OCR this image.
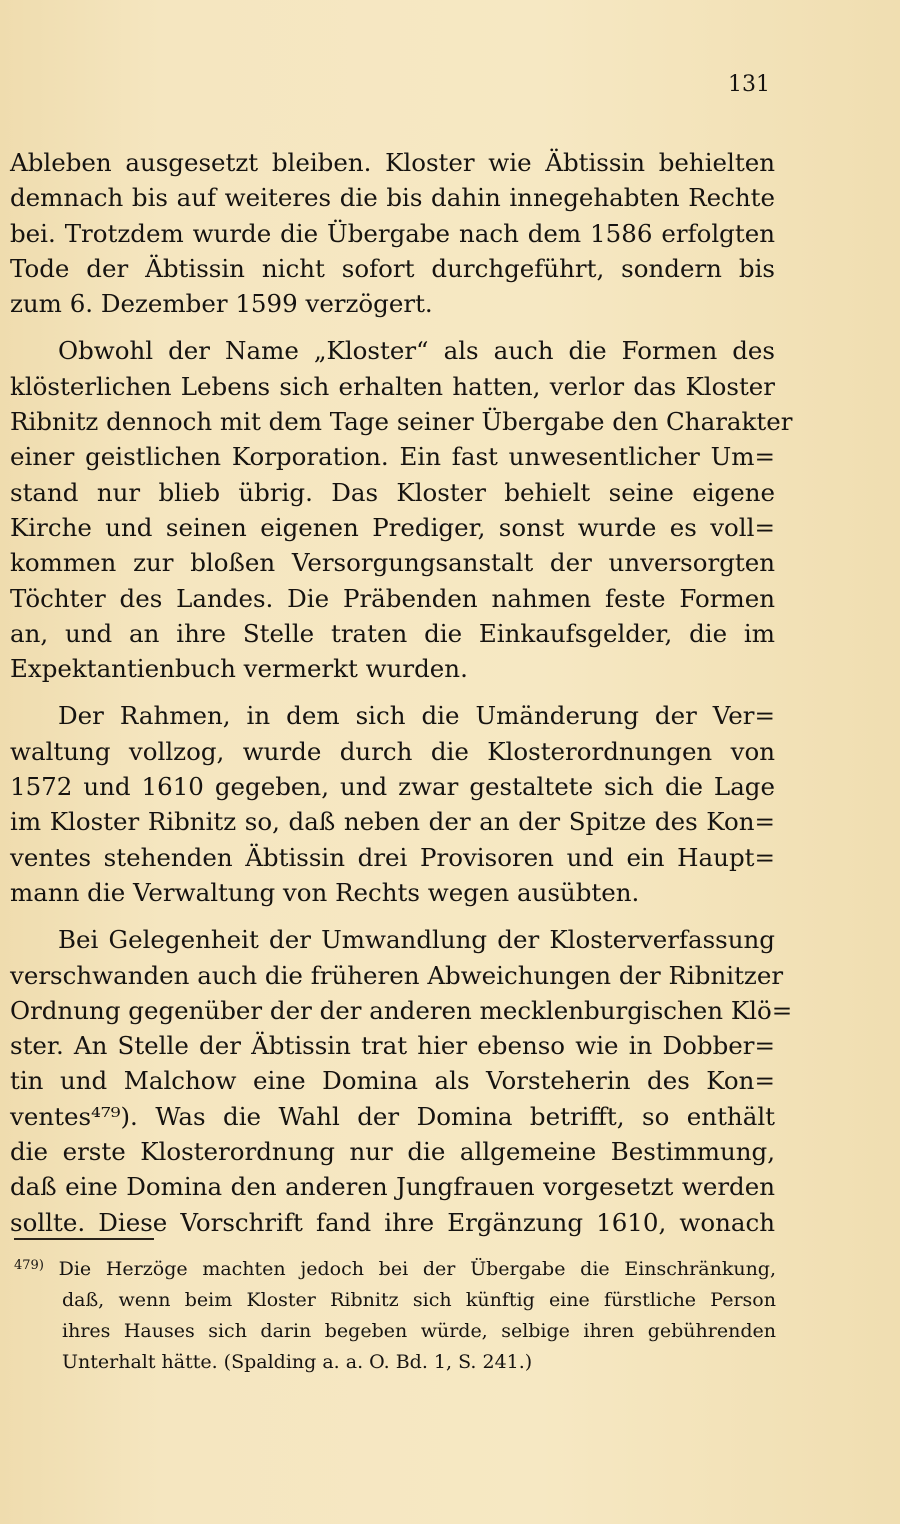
131

Ableben ausgesetzt bleiben. Kloster wie Äbtissin behielten
demnach bis auf weiteres die bis dahin innegehabten Rechte
bei. Trotzdem wurde die Übergabe nach dem 1586 erfolgten
Tode der Äbtissin nicht sofort durchgeführt, sondern bis
zum 6. Dezember 1599 verzögert.

Obwohl der Name „Kloster“ als auch die Formen des
klösterlichen Lebens sich erhalten hatten, verlor das Kloster
Ribnitz dennoch mit dem Tage seiner Übergabe den Charakter
einer geistlichen Korporation. Ein fast unwesentlicher Um=
stand nur blieb übrig. Das Kloster behielt seine eigene
Kirche und seinen eigenen Prediger, sonst wurde es voll=
kommen zur bloßen Versorgungsanstalt der unversorgten
Töchter des Landes. Die Präbenden nahmen feste Formen
an, und an ihre Stelle traten die Einkaufsgelder, die im
Expektantienbuch vermerkt wurden.

Der Rahmen, in dem sich die Umänderung der Ver=
waltung vollzog, wurde durch die Klosterordnungen von
1572 und 1610 gegeben, und zwar gestaltete sich die Lage
im Kloster Ribnitz so, daß neben der an der Spitze des Kon=
ventes stehenden Äbtissin drei Provisoren und ein Haupt=
mann die Verwaltung von Rechts wegen ausübten.

Bei Gelegenheit der Umwandlung der Klosterverfassung
verschwanden auch die früheren Abweichungen der Ribnitzer
Ordnung gegenüber der der anderen mecklenburgischen Klö=
ster. An Stelle der Äbtissin trat hier ebenso wie in Dobber=
tin und Malchow eine Domina als Vorsteherin des Kon=
ventes⁴⁷⁹). Was die Wahl der Domina betrifft, so enthält
die erste Klosterordnung nur die allgemeine Bestimmung,
daß eine Domina den anderen Jungfrauen vorgesetzt werden
sollte. Diese Vorschrift fand ihre Ergänzung 1610, wonach

$^{479)}$ Die Herzöge machten jedoch bei der Übergabe die Einschränkung,
daß, wenn beim Kloster Ribnitz sich künftig eine fürstliche Person
ihres Hauses sich darin begeben würde, selbige ihren gebührenden
Unterhalt hätte. (Spalding a. a. O. Bd. 1, S. 241.)
